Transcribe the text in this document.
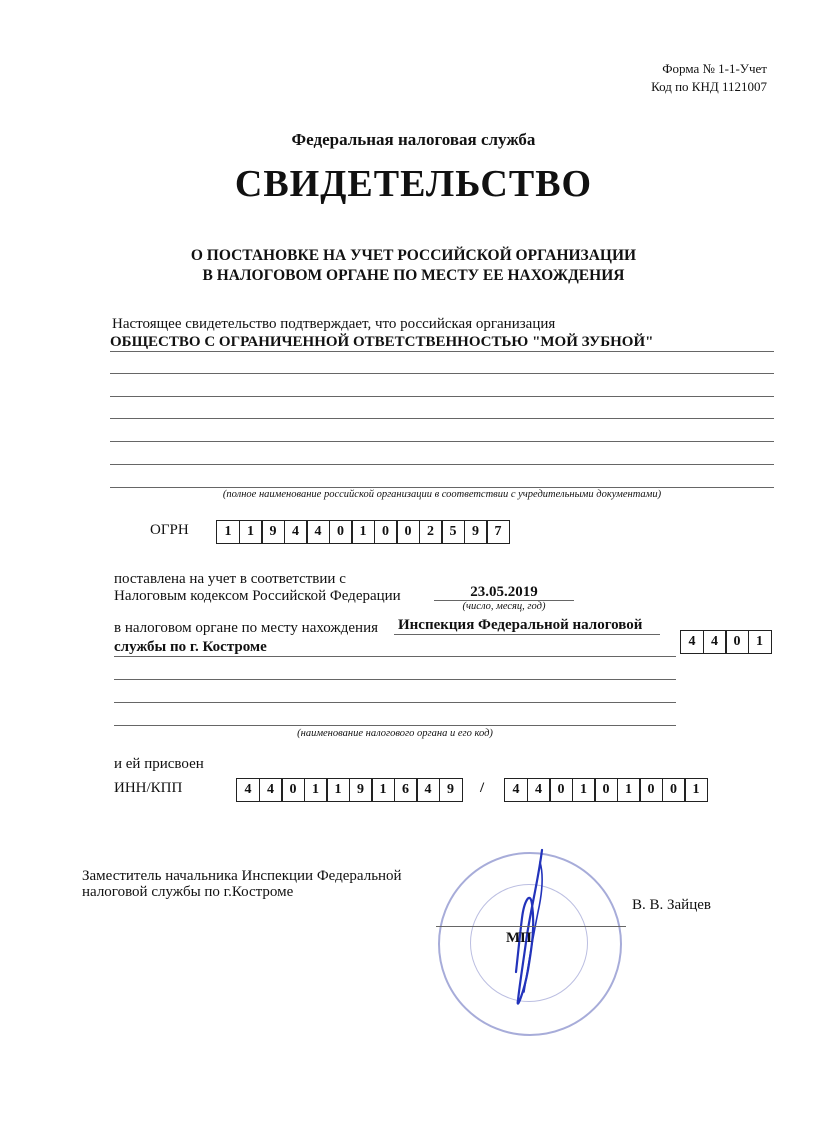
Форма № 1-1-Учет
Код по КНД 1121007
Федеральная налоговая служба
СВИДЕТЕЛЬСТВО
О ПОСТАНОВКЕ НА УЧЕТ РОССИЙСКОЙ ОРГАНИЗАЦИИ
В НАЛОГОВОМ ОРГАНЕ ПО МЕСТУ ЕЕ НАХОЖДЕНИЯ
Настоящее свидетельство подтверждает, что российская организация
ОБЩЕСТВО С ОГРАНИЧЕННОЙ ОТВЕТСТВЕННОСТЬЮ "МОЙ ЗУБНОЙ"
(полное наименование российской организации в соответствии с учредительными документами)
ОГРН	1	1	9	4	4	0	1	0	0	2	5	9	7
поставлена на учет в соответствии с
Налоговым кодексом Российской Федерации	23.05.2019
(число, месяц, год)
в налоговом органе по месту нахождения Инспекция Федеральной налоговой
службы по г. Костроме
(наименование налогового органа и его код)
4	4	0	1
и ей присвоен
ИНН/КПП	4	4	0	1	1	9	1	6	4	9	/	4	4	0	1	0	1	0	0	1
Заместитель начальника Инспекции Федеральной
налоговой службы по г.Костроме
В. В. Зайцев
МП
